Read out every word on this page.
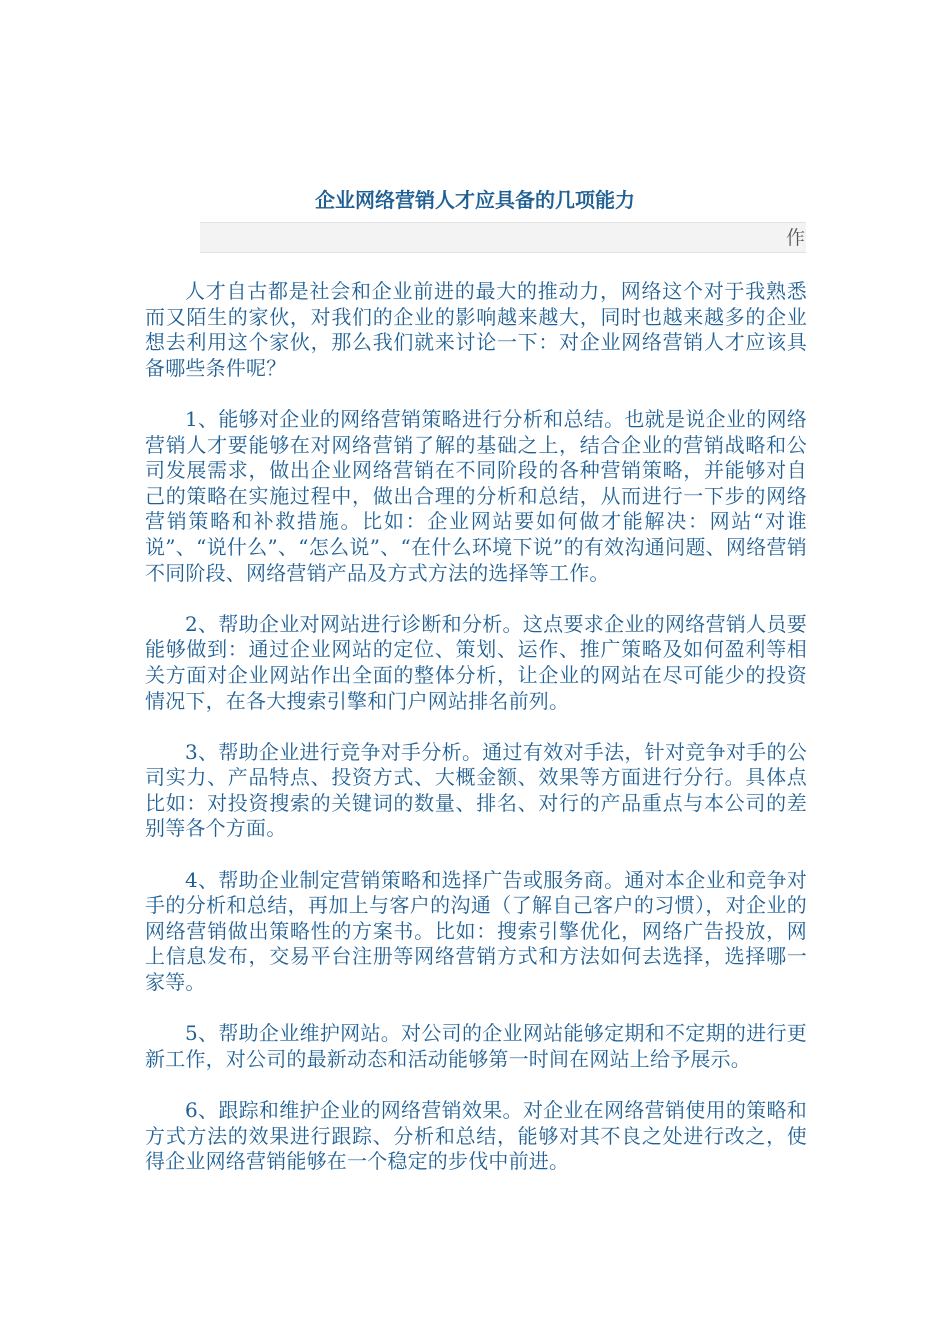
企业网络营销人才应具备的几项能力
作

人才自古都是社会和企业前进的最大的推动力，网络这个对于我熟悉而又陌生的家伙，对我们的企业的影响越来越大，同时也越来越多的企业想去利用这个家伙，那么我们就来讨论一下：对企业网络营销人才应该具备哪些条件呢？

1、能够对企业的网络营销策略进行分析和总结。也就是说企业的网络营销人才要能够在对网络营销了解的基础之上，结合企业的营销战略和公司发展需求，做出企业网络营销在不同阶段的各种营销策略，并能够对自己的策略在实施过程中，做出合理的分析和总结，从而进行一下步的网络营销策略和补救措施。比如：企业网站要如何做才能解决：网站“对谁说”、“说什么”、“怎么说”、“在什么环境下说”的有效沟通问题、网络营销不同阶段、网络营销产品及方式方法的选择等工作。

2、帮助企业对网站进行诊断和分析。这点要求企业的网络营销人员要能够做到：通过企业网站的定位、策划、运作、推广策略及如何盈利等相关方面对企业网站作出全面的整体分析，让企业的网站在尽可能少的投资情况下，在各大搜索引擎和门户网站排名前列。

3、帮助企业进行竞争对手分析。通过有效对手法，针对竞争对手的公司实力、产品特点、投资方式、大概金额、效果等方面进行分行。具体点比如：对投资搜索的关键词的数量、排名、对行的产品重点与本公司的差别等各个方面。

4、帮助企业制定营销策略和选择广告或服务商。通对本企业和竞争对手的分析和总结，再加上与客户的沟通（了解自己客户的习惯），对企业的网络营销做出策略性的方案书。比如：搜索引擎优化，网络广告投放，网上信息发布，交易平台注册等网络营销方式和方法如何去选择，选择哪一家等。

5、帮助企业维护网站。对公司的企业网站能够定期和不定期的进行更新工作，对公司的最新动态和活动能够第一时间在网站上给予展示。

6、跟踪和维护企业的网络营销效果。对企业在网络营销使用的策略和方式方法的效果进行跟踪、分析和总结，能够对其不良之处进行改之，使得企业网络营销能够在一个稳定的步伐中前进。
